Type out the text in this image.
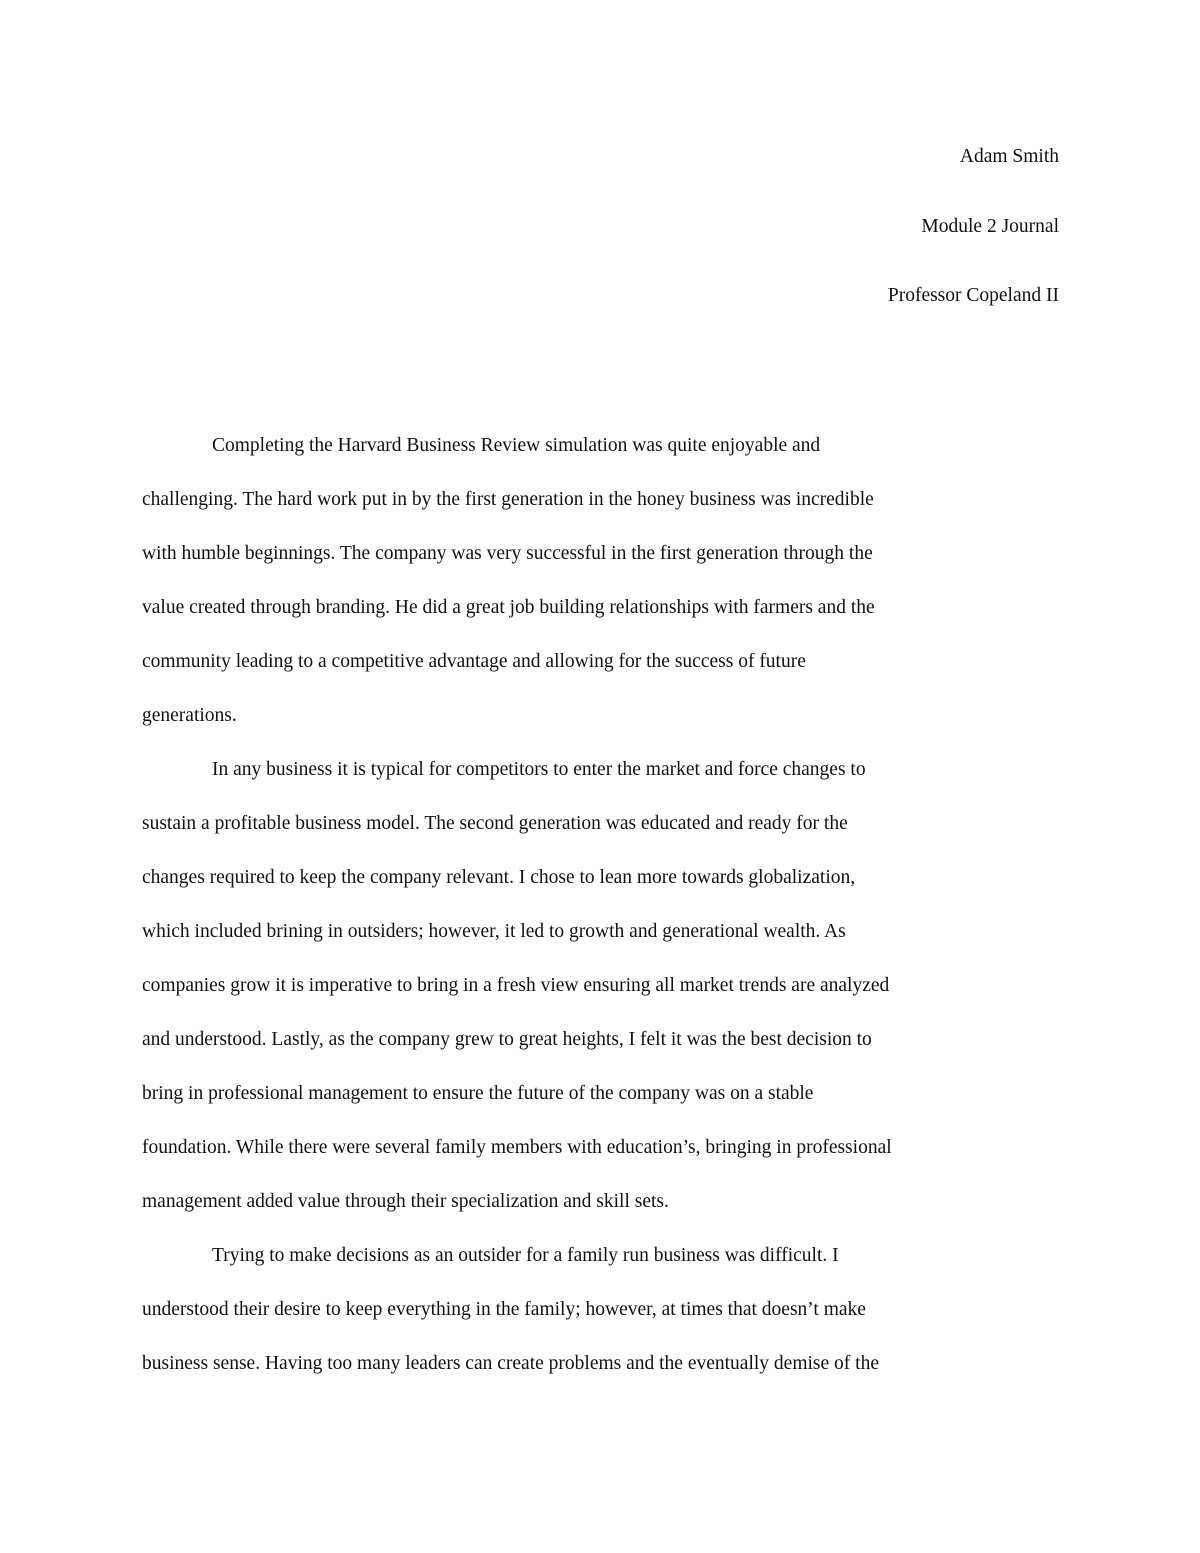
Adam Smith
Module 2 Journal
Professor Copeland II
Completing the Harvard Business Review simulation was quite enjoyable and
challenging. The hard work put in by the first generation in the honey business was incredible
with humble beginnings. The company was very successful in the first generation through the
value created through branding. He did a great job building relationships with farmers and the
community leading to a competitive advantage and allowing for the success of future
generations.
In any business it is typical for competitors to enter the market and force changes to
sustain a profitable business model. The second generation was educated and ready for the
changes required to keep the company relevant. I chose to lean more towards globalization,
which included brining in outsiders; however, it led to growth and generational wealth. As
companies grow it is imperative to bring in a fresh view ensuring all market trends are analyzed
and understood. Lastly, as the company grew to great heights, I felt it was the best decision to
bring in professional management to ensure the future of the company was on a stable
foundation. While there were several family members with education’s, bringing in professional
management added value through their specialization and skill sets.
Trying to make decisions as an outsider for a family run business was difficult. I
understood their desire to keep everything in the family; however, at times that doesn’t make
business sense. Having too many leaders can create problems and the eventually demise of the
